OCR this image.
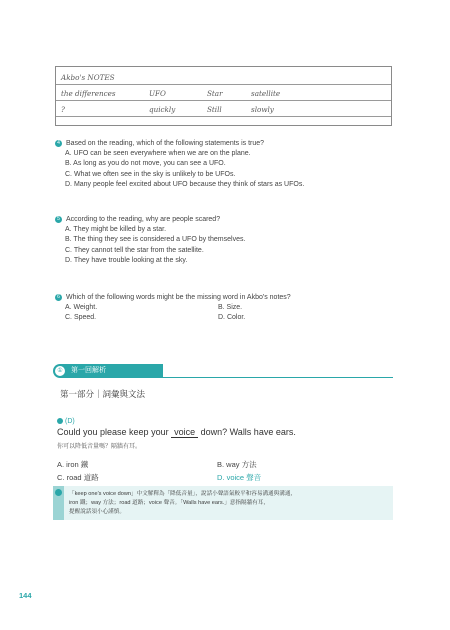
Akbo's NOTES
the differences	UFO	Star	satellite
?	quickly	Still	slowly
4 Based on the reading, which of the following statements is true?
A. UFO can be seen everywhere when we are on the plane.
B. As long as you do not move, you can see a UFO.
C. What we often see in the sky is unlikely to be UFOs.
D. Many people feel excited about UFO because they think of stars as UFOs.
5 According to the reading, why are people scared?
A. They might be killed by a star.
B. The thing they see is considered a UFO by themselves.
C. They cannot tell the star from the satellite.
D. They have trouble looking at the sky.
6 Which of the following words might be the missing word in Akbo's notes?
A. Weight.	B. Size.
C. Speed.	D. Color.
①	第一回解析
第一部分｜詞彙與文法
(D)
Could you please keep your voice down? Walls have ears.
你可以降低音量嗎？隔牆有耳。
A. iron 鐵	B. way 方法
C. road 道路	D. voice 聲音
「keep one's voice down」中文解釋為「降低音量」，說話小聲語氣較平和容易溝通與溝通，
iron 鐵；way 方法；road 道路；voice 聲音。「Walls have ears.」意指隔牆有耳，
提醒說話須小心謹慎。
144
